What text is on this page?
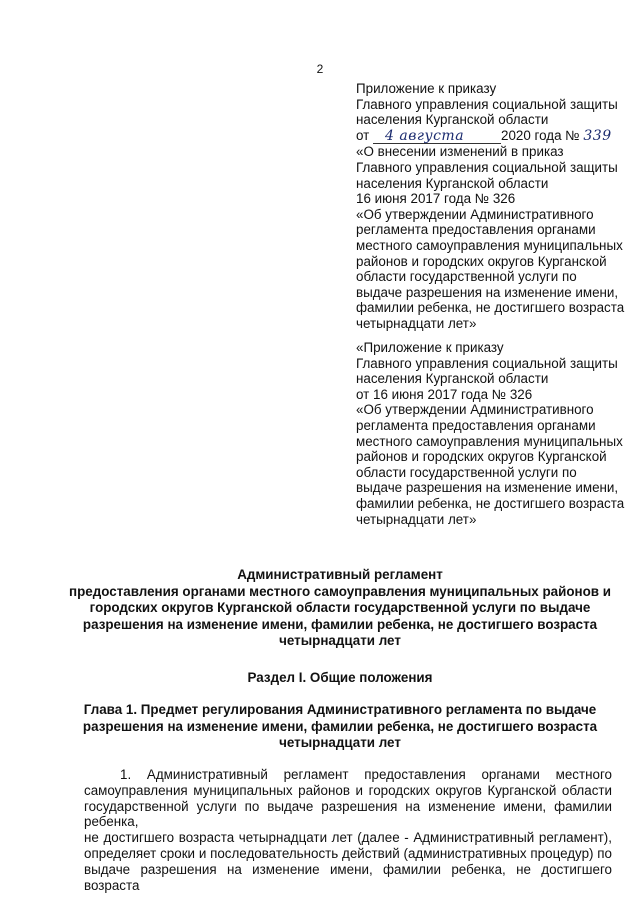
2
Приложение к приказу
Главного управления социальной защиты
населения Курганской области
от 4 августа	2020 года № 339
«О внесении изменений в приказ
Главного управления социальной защиты
населения Курганской области
16 июня 2017 года № 326
«Об утверждении Административного
регламента предоставления органами
местного самоуправления муниципальных
районов и городских округов Курганской
области государственной услуги по
выдаче разрешения на изменение имени,
фамилии ребенка, не достигшего возраста
четырнадцати лет»
«Приложение к приказу
Главного управления социальной защиты
населения Курганской области
от 16 июня 2017 года № 326
«Об утверждении Административного
регламента предоставления органами
местного самоуправления муниципальных
районов и городских округов Курганской
области государственной услуги по
выдаче разрешения на изменение имени,
фамилии ребенка, не достигшего возраста
четырнадцати лет»
Административный регламент
предоставления органами местного самоуправления муниципальных районов и
городских округов Курганской области государственной услуги по выдаче
разрешения на изменение имени, фамилии ребенка, не достигшего возраста
четырнадцати лет
Раздел I. Общие положения
Глава 1. Предмет регулирования Административного регламента по выдаче
разрешения на изменение имени, фамилии ребенка, не достигшего возраста
четырнадцати лет
1. Административный регламент предоставления органами местного
самоуправления муниципальных районов и городских округов Курганской области
государственной услуги по выдаче разрешения на изменение имени, фамилии ребенка,
не достигшего возраста четырнадцати лет (далее - Административный регламент),
определяет сроки и последовательность действий (административных процедур) по
выдаче разрешения на изменение имени, фамилии ребенка, не достигшего возраста
